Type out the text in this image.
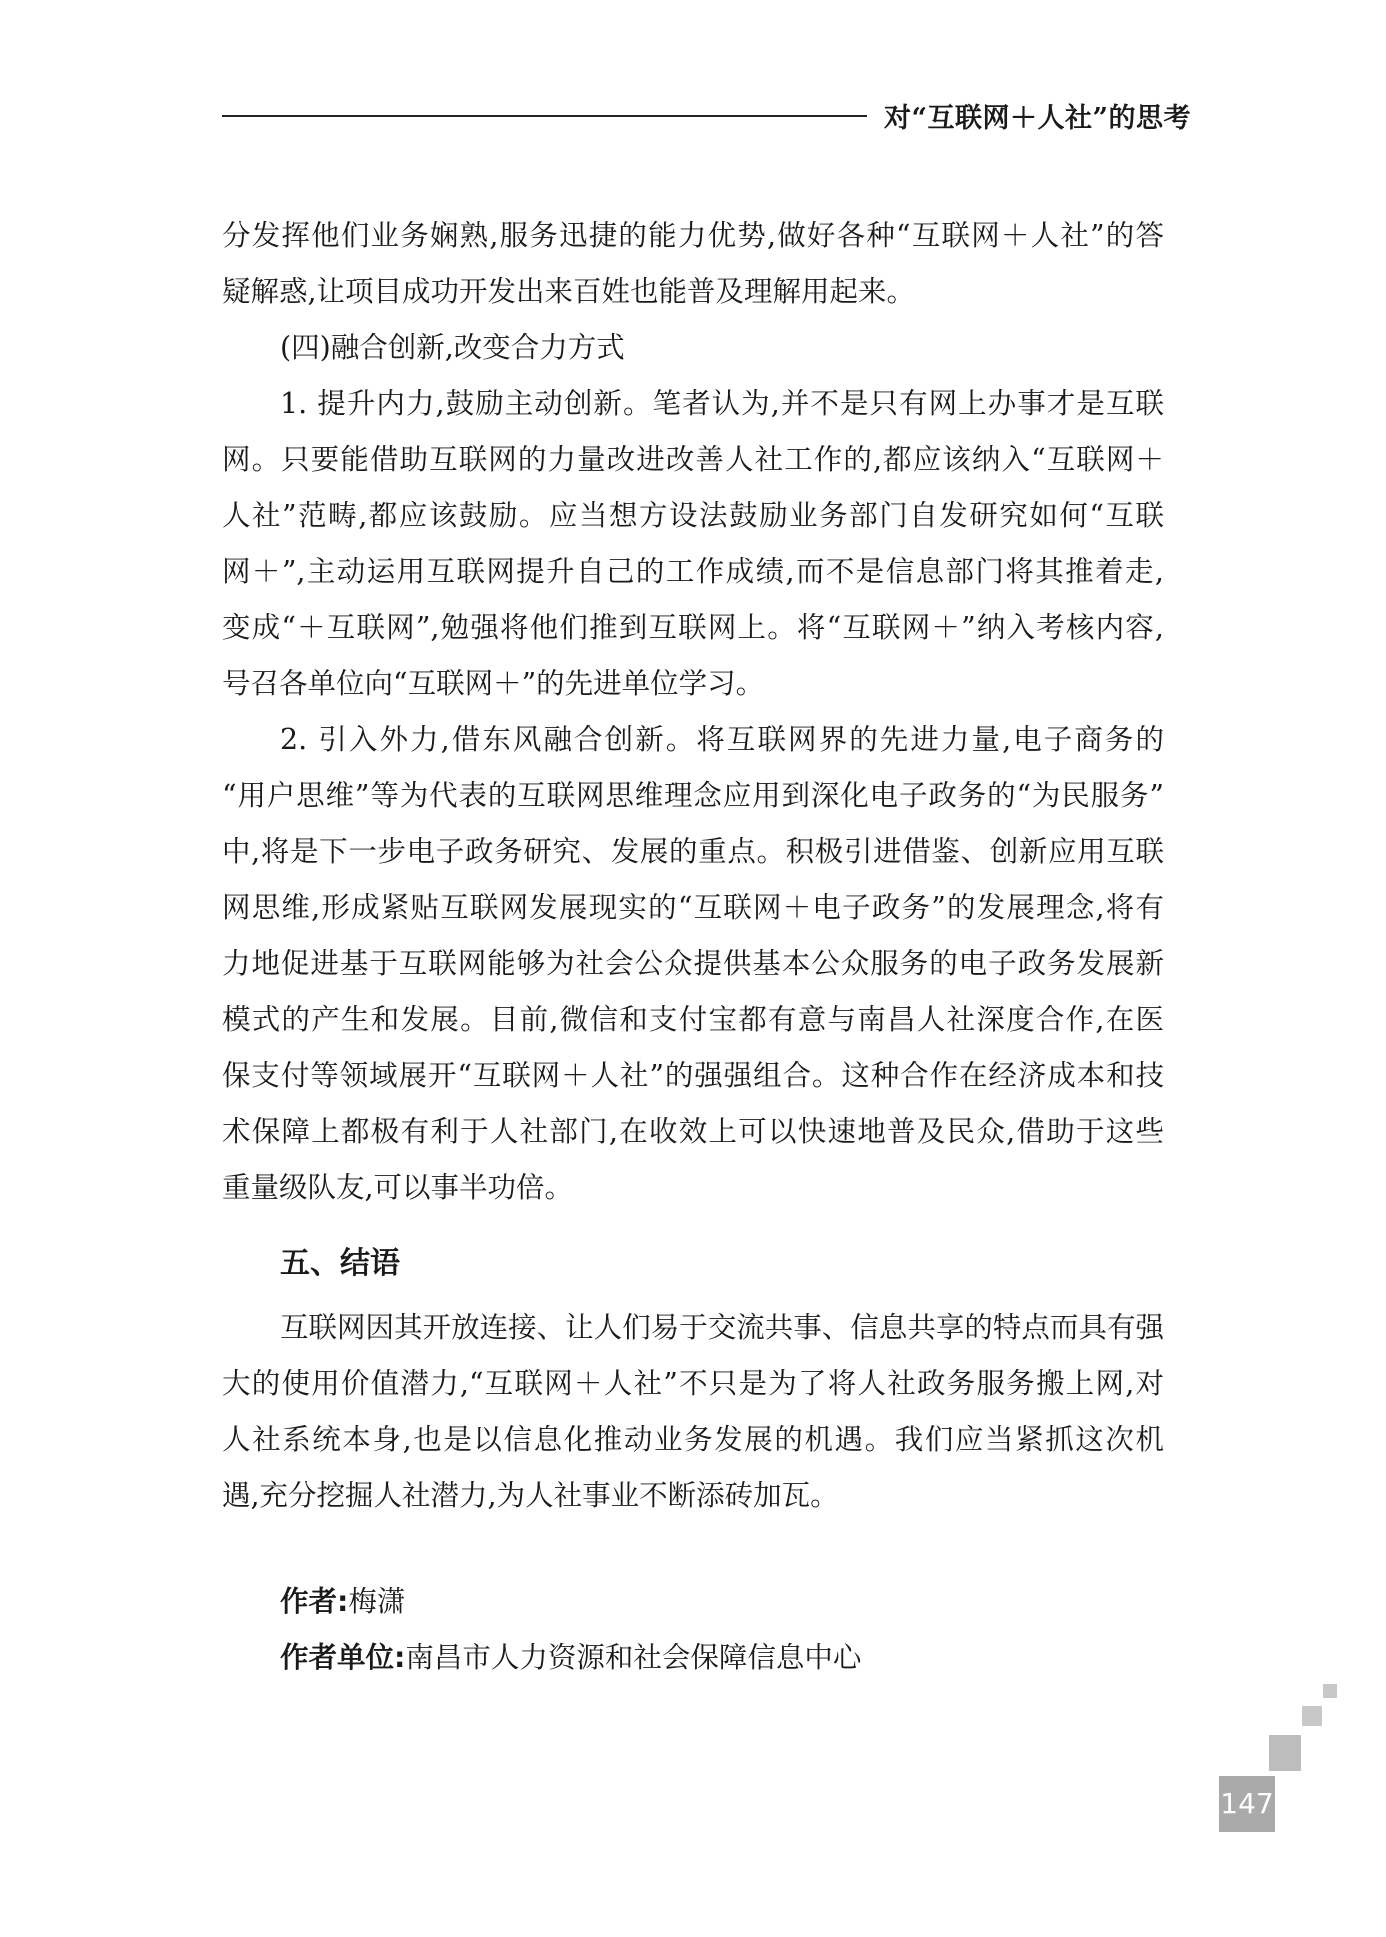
对“互联网＋人社”的思考
分发挥他们业务娴熟,服务迅捷的能力优势,做好各种“互联网＋人社”的答
疑解惑,让项目成功开发出来百姓也能普及理解用起来。
(四)融合创新,改变合力方式
1. 提升内力,鼓励主动创新。笔者认为,并不是只有网上办事才是互联
网。只要能借助互联网的力量改进改善人社工作的,都应该纳入“互联网＋
人社”范畴,都应该鼓励。应当想方设法鼓励业务部门自发研究如何“互联
网＋”,主动运用互联网提升自己的工作成绩,而不是信息部门将其推着走,
变成“＋互联网”,勉强将他们推到互联网上。将“互联网＋”纳入考核内容,
号召各单位向“互联网＋”的先进单位学习。
2. 引入外力,借东风融合创新。将互联网界的先进力量,电子商务的
“用户思维”等为代表的互联网思维理念应用到深化电子政务的“为民服务”
中,将是下一步电子政务研究、发展的重点。积极引进借鉴、创新应用互联
网思维,形成紧贴互联网发展现实的“互联网＋电子政务”的发展理念,将有
力地促进基于互联网能够为社会公众提供基本公众服务的电子政务发展新
模式的产生和发展。目前,微信和支付宝都有意与南昌人社深度合作,在医
保支付等领域展开“互联网＋人社”的强强组合。这种合作在经济成本和技
术保障上都极有利于人社部门,在收效上可以快速地普及民众,借助于这些
重量级队友,可以事半功倍。
五、结语
互联网因其开放连接、让人们易于交流共事、信息共享的特点而具有强
大的使用价值潜力,“互联网＋人社”不只是为了将人社政务服务搬上网,对
人社系统本身,也是以信息化推动业务发展的机遇。我们应当紧抓这次机
遇,充分挖掘人社潜力,为人社事业不断添砖加瓦。
作者:梅潇
作者单位:南昌市人力资源和社会保障信息中心
147
